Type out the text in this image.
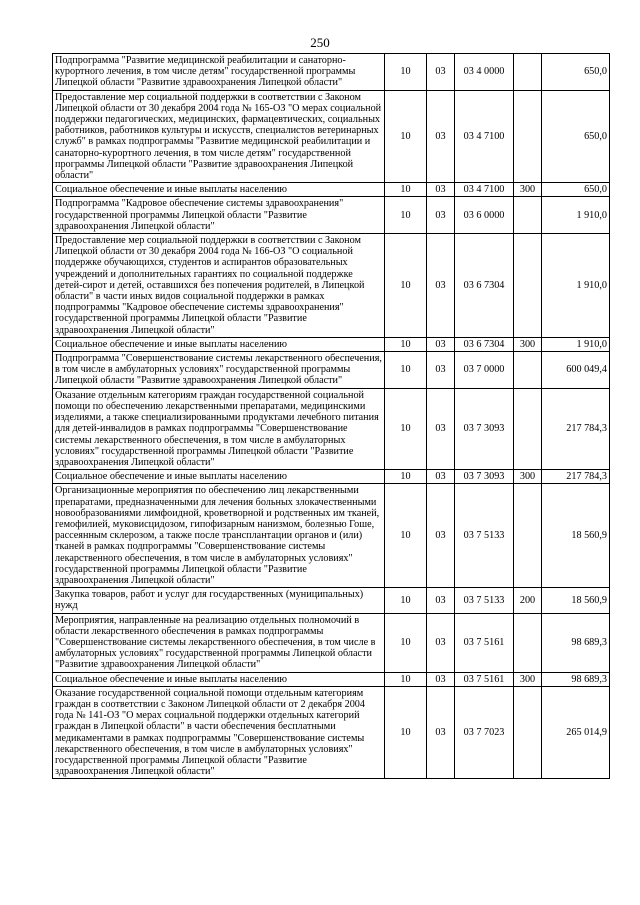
250
Подпрограмма "Развитие медицинской реабилитации и санаторно-курортного лечения, в том числе детям" государственной программы Липецкой области "Развитие здравоохранения Липецкой области"	10	03	03 4 0000		650,0
Предоставление мер социальной поддержки в соответствии с Законом Липецкой области от 30 декабря 2004 года № 165-ОЗ "О мерах социальной поддержки педагогических, медицинских, фармацевтических, социальных работников, работников культуры и искусств, специалистов ветеринарных служб" в рамках подпрограммы "Развитие медицинской реабилитации и санаторно-курортного лечения, в том числе детям" государственной программы Липецкой области "Развитие здравоохранения Липецкой области"	10	03	03 4 7100		650,0
Социальное обеспечение и иные выплаты населению	10	03	03 4 7100	300	650,0
Подпрограмма "Кадровое обеспечение системы здравоохранения" государственной программы Липецкой области "Развитие здравоохранения Липецкой области"	10	03	03 6 0000		1 910,0
Предоставление мер социальной поддержки в соответствии с Законом Липецкой области от 30 декабря 2004 года № 166-ОЗ "О социальной поддержке обучающихся, студентов и аспирантов образовательных учреждений и дополнительных гарантиях по социальной поддержке детей-сирот и детей, оставшихся без попечения родителей, в Липецкой области" в части иных видов социальной поддержки в рамках подпрограммы "Кадровое обеспечение системы здравоохранения" государственной программы Липецкой области "Развитие здравоохранения Липецкой области"	10	03	03 6 7304		1 910,0
Социальное обеспечение и иные выплаты населению	10	03	03 6 7304	300	1 910,0
Подпрограмма "Совершенствование системы лекарственного обеспечения, в том числе в амбулаторных условиях" государственной программы Липецкой области "Развитие здравоохранения Липецкой области"	10	03	03 7 0000		600 049,4
Оказание отдельным категориям граждан государственной социальной помощи по обеспечению лекарственными препаратами, медицинскими изделиями, а также специализированными продуктами лечебного питания для детей-инвалидов в рамках подпрограммы "Совершенствование системы лекарственного обеспечения, в том числе в амбулаторных условиях" государственной программы Липецкой области "Развитие здравоохранения Липецкой области"	10	03	03 7 3093		217 784,3
Социальное обеспечение и иные выплаты населению	10	03	03 7 3093	300	217 784,3
Организационные мероприятия по обеспечению лиц лекарственными препаратами, предназначенными для лечения больных злокачественными новообразованиями лимфоидной, кроветворной и родственных им тканей, гемофилией, муковисцидозом, гипофизарным нанизмом, болезнью Гоше, рассеянным склерозом, а также после трансплантации органов и (или) тканей в рамках подпрограммы "Совершенствование системы лекарственного обеспечения, в том числе в амбулаторных условиях" государственной программы Липецкой области "Развитие здравоохранения Липецкой области"	10	03	03 7 5133		18 560,9
Закупка товаров, работ и услуг для государственных (муниципальных) нужд	10	03	03 7 5133	200	18 560,9
Мероприятия, направленные на реализацию отдельных полномочий в области лекарственного обеспечения в рамках подпрограммы "Совершенствование системы лекарственного обеспечения, в том числе в амбулаторных условиях" государственной программы Липецкой области "Развитие здравоохранения Липецкой области"	10	03	03 7 5161		98 689,3
Социальное обеспечение и иные выплаты населению	10	03	03 7 5161	300	98 689,3
Оказание государственной социальной помощи отдельным категориям граждан в соответствии с Законом Липецкой области от 2 декабря 2004 года № 141-ОЗ "О мерах социальной поддержки отдельных категорий граждан в Липецкой области" в части обеспечения бесплатными медикаментами в рамках подпрограммы "Совершенствование системы лекарственного обеспечения, в том числе в амбулаторных условиях" государственной программы Липецкой области "Развитие здравоохранения Липецкой области"	10	03	03 7 7023		265 014,9
